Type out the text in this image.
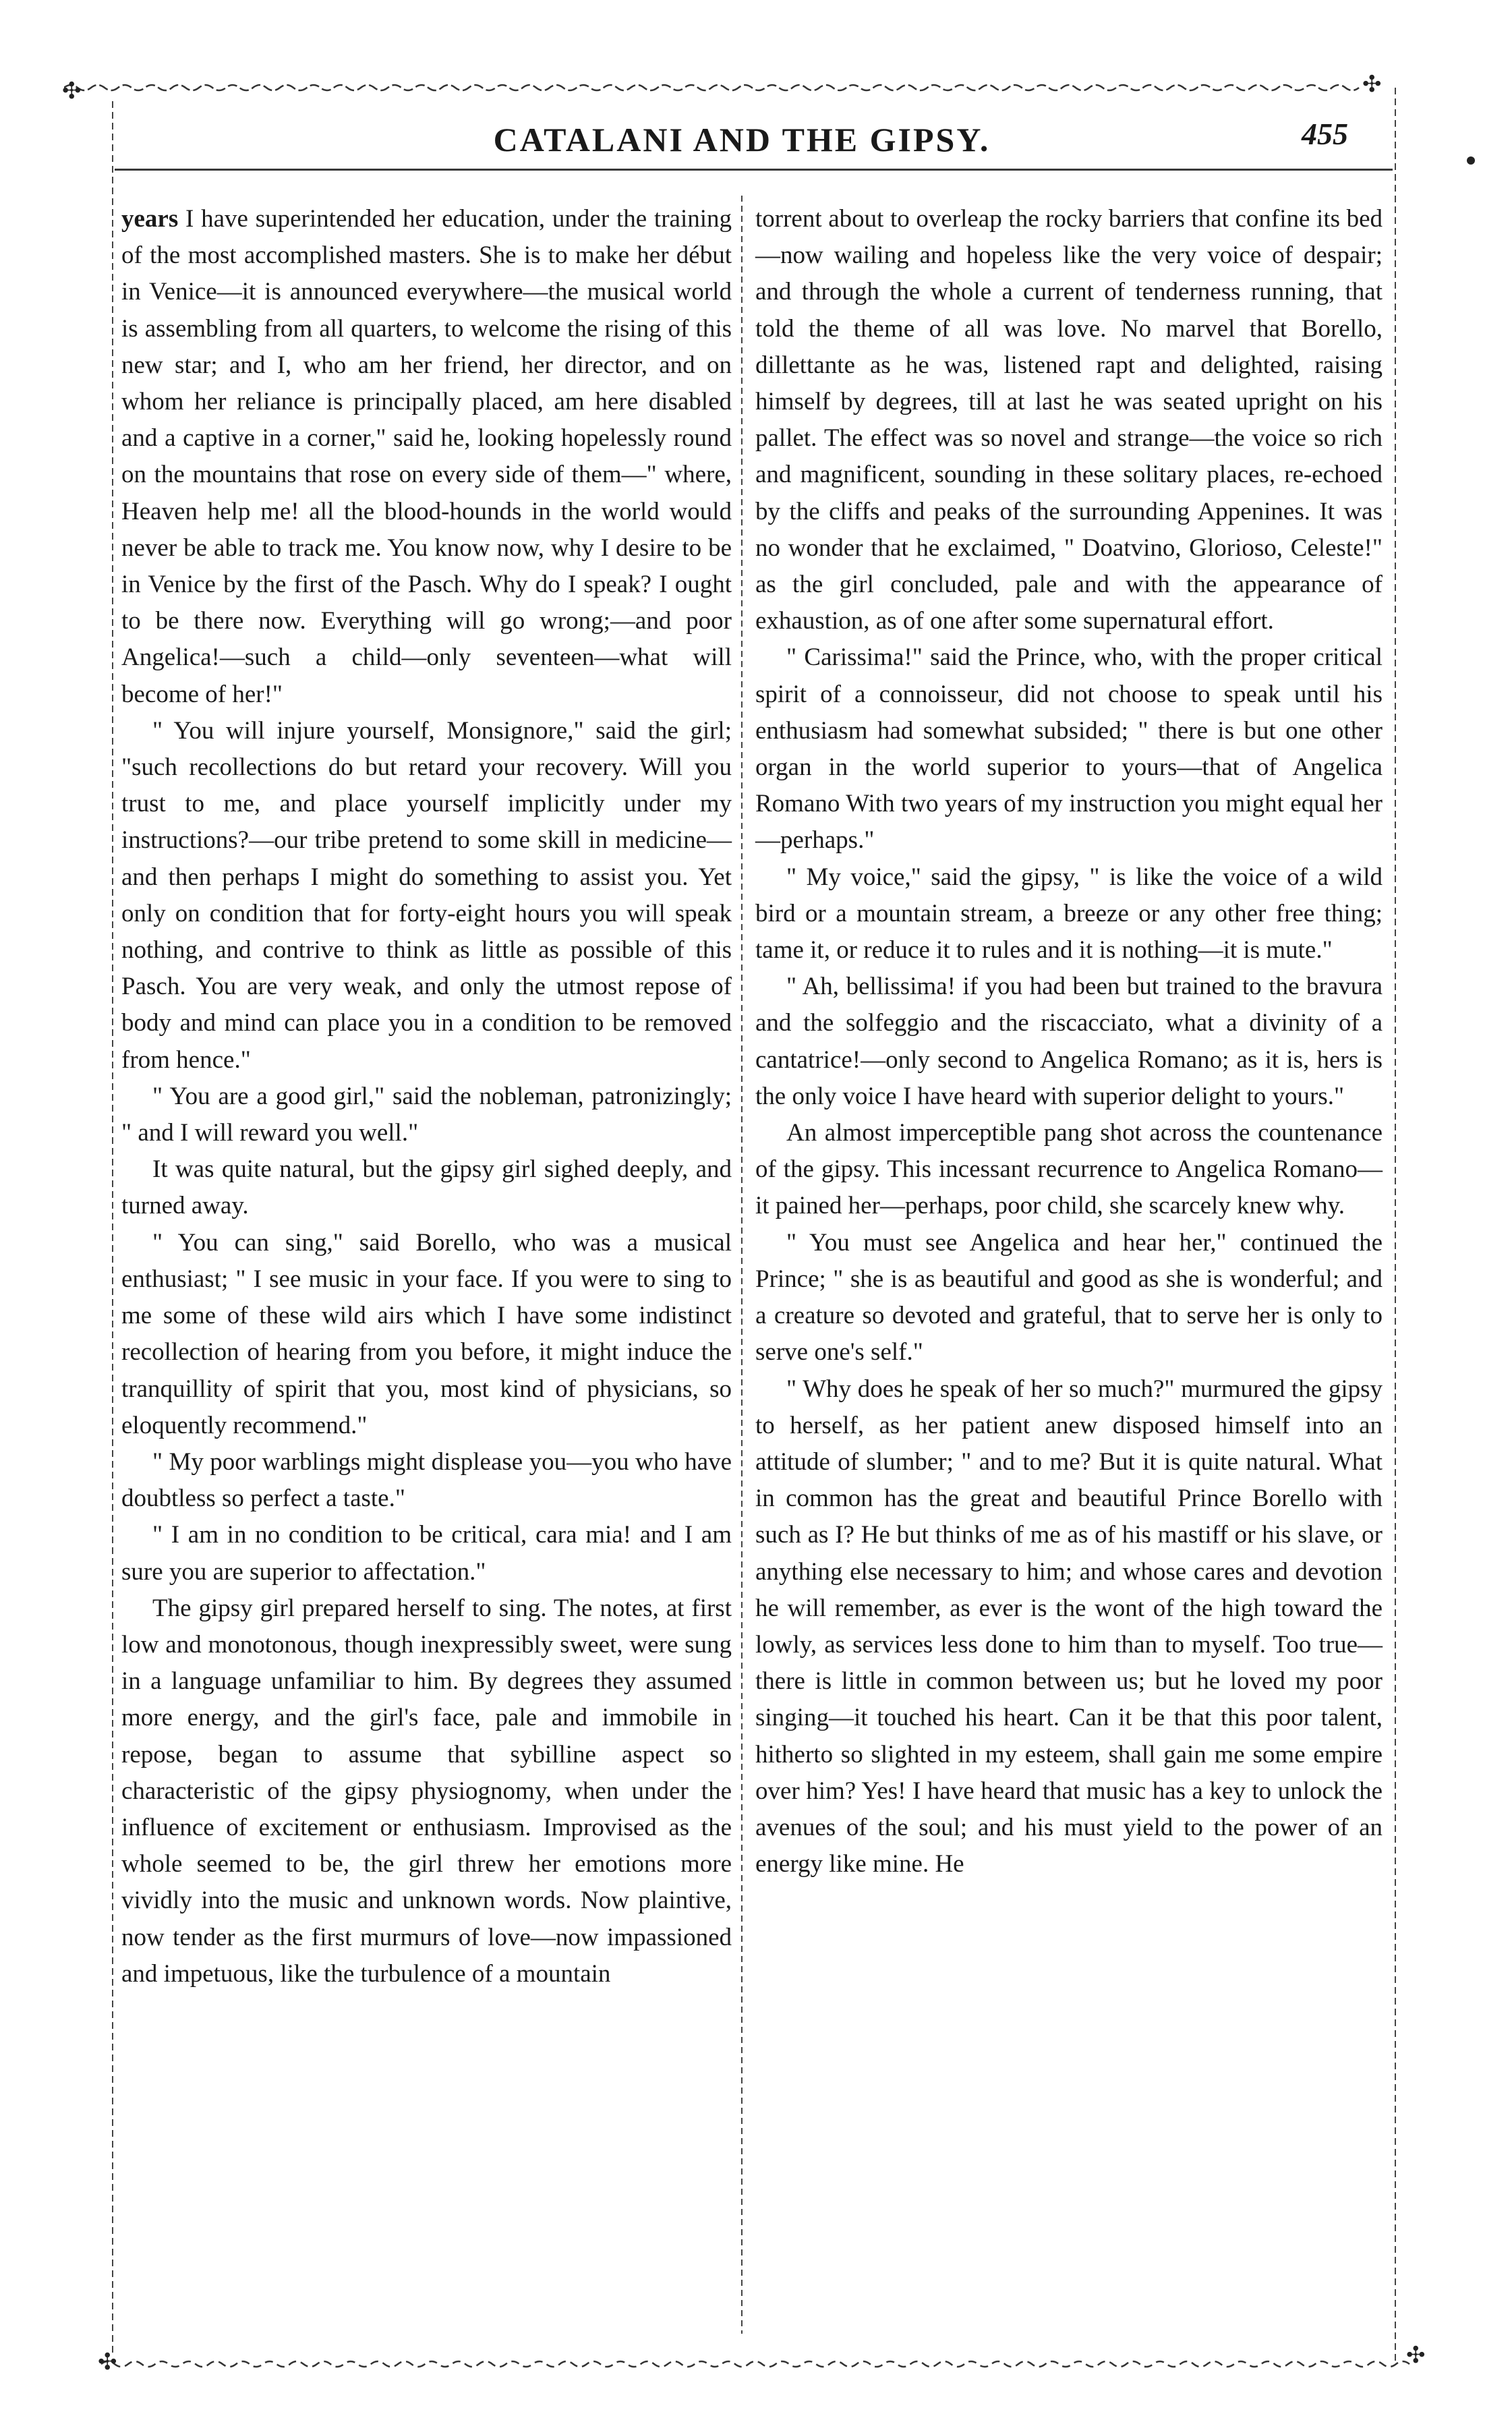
✣	✣
✣	✣
CATALANI AND THE GIPSY.	455

years I have superintended her education, under the training of the most accomplished masters. She is to make her début in Venice—it is announced everywhere—the musical world is assembling from all quarters, to welcome the rising of this new star; and I, who am her friend, her director, and on whom her reliance is principally placed, am here disabled and a captive in a corner," said he, looking hopelessly round on the mountains that rose on every side of them—" where, Heaven help me! all the blood-hounds in the world would never be able to track me. You know now, why I desire to be in Venice by the first of the Pasch. Why do I speak? I ought to be there now. Everything will go wrong;—and poor Angelica!—such a child—only seventeen—what will become of her!"

" You will injure yourself, Monsignore," said the girl; "such recollections do but retard your recovery. Will you trust to me, and place yourself implicitly under my instructions?—our tribe pretend to some skill in medicine—and then perhaps I might do something to assist you. Yet only on condition that for forty-eight hours you will speak nothing, and contrive to think as little as possible of this Pasch. You are very weak, and only the utmost repose of body and mind can place you in a condition to be removed from hence."

" You are a good girl," said the nobleman, patronizingly; " and I will reward you well."

It was quite natural, but the gipsy girl sighed deeply, and turned away.

" You can sing," said Borello, who was a musical enthusiast; " I see music in your face. If you were to sing to me some of these wild airs which I have some indistinct recollection of hearing from you before, it might induce the tranquillity of spirit that you, most kind of physicians, so eloquently recommend."

" My poor warblings might displease you—you who have doubtless so perfect a taste."

" I am in no condition to be critical, cara mia! and I am sure you are superior to affectation."

The gipsy girl prepared herself to sing. The notes, at first low and monotonous, though inexpressibly sweet, were sung in a language unfamiliar to him. By degrees they assumed more energy, and the girl's face, pale and immobile in repose, began to assume that sybilline aspect so characteristic of the gipsy physiognomy, when under the influence of excitement or enthusiasm. Improvised as the whole seemed to be, the girl threw her emotions more vividly into the music and unknown words. Now plaintive, now tender as the first murmurs of love—now impassioned and impetuous, like the turbulence of a mountain

torrent about to overleap the rocky barriers that confine its bed—now wailing and hopeless like the very voice of despair; and through the whole a current of tenderness running, that told the theme of all was love. No marvel that Borello, dillettante as he was, listened rapt and delighted, raising himself by degrees, till at last he was seated upright on his pallet. The effect was so novel and strange—the voice so rich and magnificent, sounding in these solitary places, re-echoed by the cliffs and peaks of the surrounding Appenines. It was no wonder that he exclaimed, " Doatvino, Glorioso, Celeste!" as the girl concluded, pale and with the appearance of exhaustion, as of one after some supernatural effort.

" Carissima!" said the Prince, who, with the proper critical spirit of a connoisseur, did not choose to speak until his enthusiasm had somewhat subsided; " there is but one other organ in the world superior to yours—that of Angelica Romano With two years of my instruction you might equal her—perhaps."

" My voice," said the gipsy, " is like the voice of a wild bird or a mountain stream, a breeze or any other free thing; tame it, or reduce it to rules and it is nothing—it is mute."

" Ah, bellissima! if you had been but trained to the bravura and the solfeggio and the riscacciato, what a divinity of a cantatrice!—only second to Angelica Romano; as it is, hers is the only voice I have heard with superior delight to yours."

An almost imperceptible pang shot across the countenance of the gipsy. This incessant recurrence to Angelica Romano—it pained her—perhaps, poor child, she scarcely knew why.

" You must see Angelica and hear her," continued the Prince; " she is as beautiful and good as she is wonderful; and a creature so devoted and grateful, that to serve her is only to serve one's self."

" Why does he speak of her so much?" murmured the gipsy to herself, as her patient anew disposed himself into an attitude of slumber; " and to me? But it is quite natural. What in common has the great and beautiful Prince Borello with such as I? He but thinks of me as of his mastiff or his slave, or anything else necessary to him; and whose cares and devotion he will remember, as ever is the wont of the high toward the lowly, as services less done to him than to myself. Too true—there is little in common between us; but he loved my poor singing—it touched his heart. Can it be that this poor talent, hitherto so slighted in my esteem, shall gain me some empire over him? Yes! I have heard that music has a key to unlock the avenues of the soul; and his must yield to the power of an energy like mine. He
